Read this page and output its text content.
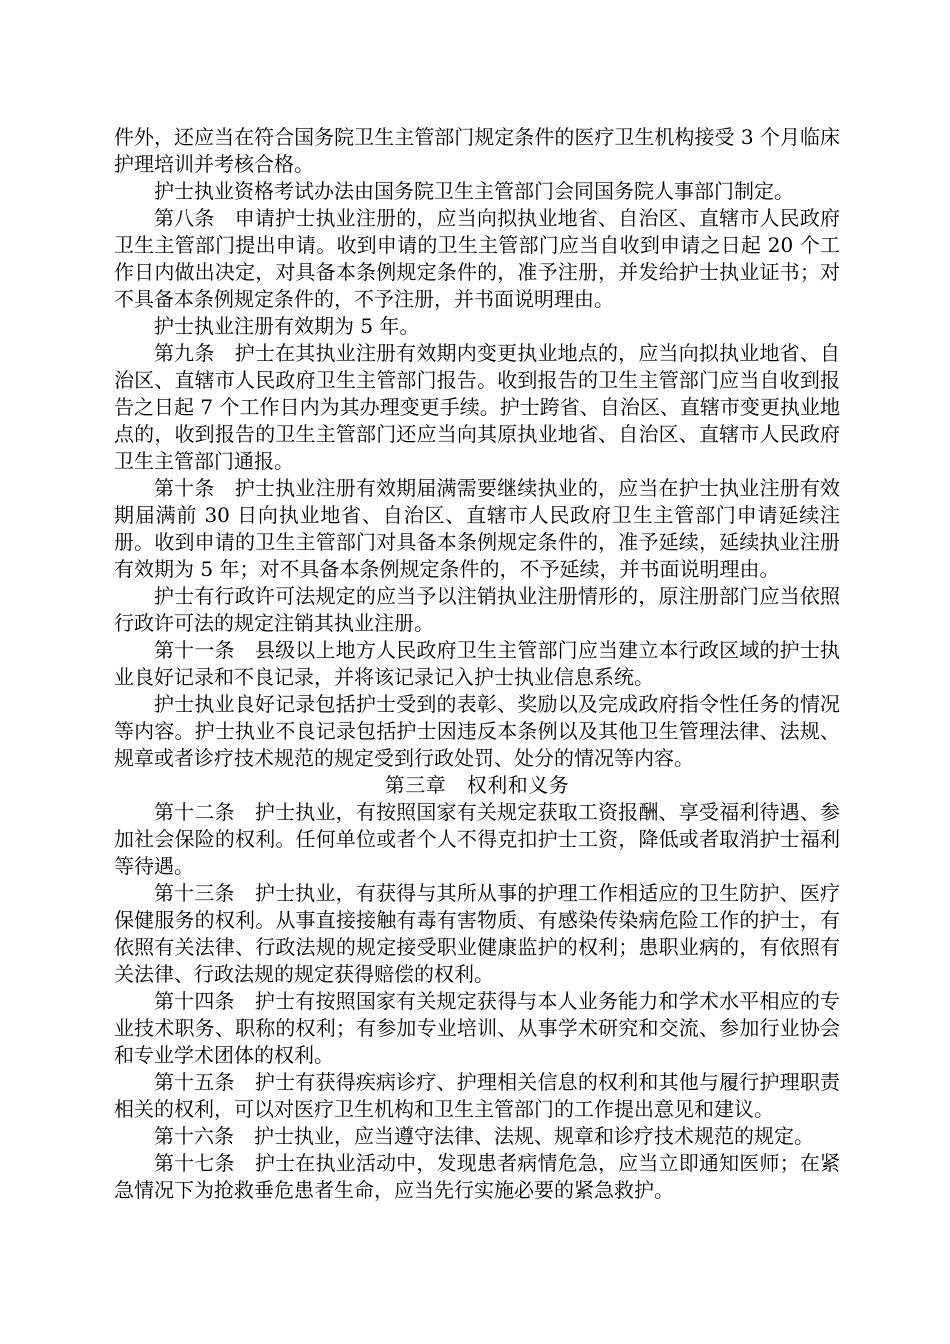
件外，还应当在符合国务院卫生主管部门规定条件的医疗卫生机构接受 3 个月临床护理培训并考核合格。

护士执业资格考试办法由国务院卫生主管部门会同国务院人事部门制定。

第八条　申请护士执业注册的，应当向拟执业地省、自治区、直辖市人民政府卫生主管部门提出申请。收到申请的卫生主管部门应当自收到申请之日起 20 个工作日内做出决定，对具备本条例规定条件的，准予注册，并发给护士执业证书；对不具备本条例规定条件的，不予注册，并书面说明理由。

护士执业注册有效期为 5 年。

第九条　护士在其执业注册有效期内变更执业地点的，应当向拟执业地省、自治区、直辖市人民政府卫生主管部门报告。收到报告的卫生主管部门应当自收到报告之日起 7 个工作日内为其办理变更手续。护士跨省、自治区、直辖市变更执业地点的，收到报告的卫生主管部门还应当向其原执业地省、自治区、直辖市人民政府卫生主管部门通报。

第十条　护士执业注册有效期届满需要继续执业的，应当在护士执业注册有效期届满前 30 日向执业地省、自治区、直辖市人民政府卫生主管部门申请延续注册。收到申请的卫生主管部门对具备本条例规定条件的，准予延续，延续执业注册有效期为 5 年；对不具备本条例规定条件的，不予延续，并书面说明理由。

护士有行政许可法规定的应当予以注销执业注册情形的，原注册部门应当依照行政许可法的规定注销其执业注册。

第十一条　县级以上地方人民政府卫生主管部门应当建立本行政区域的护士执业良好记录和不良记录，并将该记录记入护士执业信息系统。

护士执业良好记录包括护士受到的表彰、奖励以及完成政府指令性任务的情况等内容。护士执业不良记录包括护士因违反本条例以及其他卫生管理法律、法规、规章或者诊疗技术规范的规定受到行政处罚、处分的情况等内容。

第三章　权利和义务

第十二条　护士执业，有按照国家有关规定获取工资报酬、享受福利待遇、参加社会保险的权利。任何单位或者个人不得克扣护士工资，降低或者取消护士福利等待遇。

第十三条　护士执业，有获得与其所从事的护理工作相适应的卫生防护、医疗保健服务的权利。从事直接接触有毒有害物质、有感染传染病危险工作的护士，有依照有关法律、行政法规的规定接受职业健康监护的权利；患职业病的，有依照有关法律、行政法规的规定获得赔偿的权利。

第十四条　护士有按照国家有关规定获得与本人业务能力和学术水平相应的专业技术职务、职称的权利；有参加专业培训、从事学术研究和交流、参加行业协会和专业学术团体的权利。

第十五条　护士有获得疾病诊疗、护理相关信息的权利和其他与履行护理职责相关的权利，可以对医疗卫生机构和卫生主管部门的工作提出意见和建议。

第十六条　护士执业，应当遵守法律、法规、规章和诊疗技术规范的规定。

第十七条　护士在执业活动中，发现患者病情危急，应当立即通知医师；在紧急情况下为抢救垂危患者生命，应当先行实施必要的紧急救护。
